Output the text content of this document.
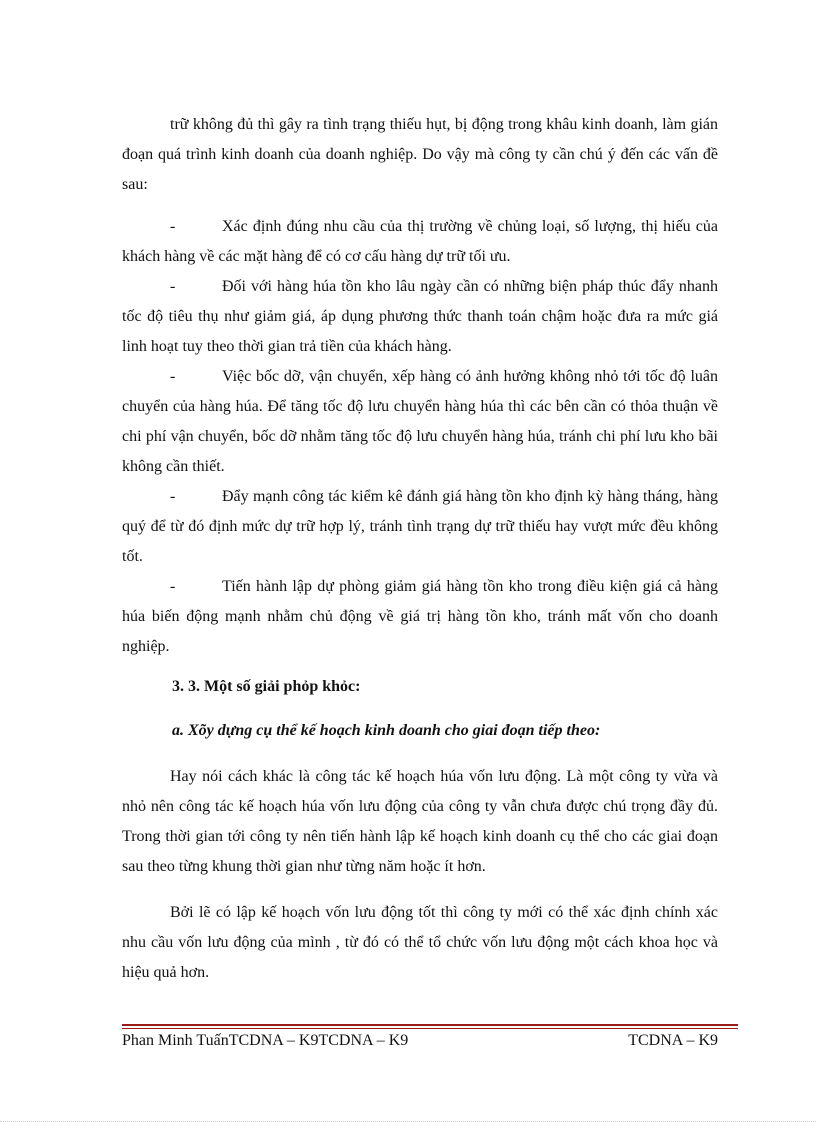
trữ không đủ thì gây ra tình trạng thiếu hụt, bị động trong khâu kinh doanh, làm gián đoạn quá trình kinh doanh của doanh nghiệp. Do vậy mà công ty cần chú ý đến các vấn đề sau:

-	Xác định đúng nhu cầu của thị trường về chủng loại, số lượng, thị hiếu của khách hàng về các mặt hàng để có cơ cấu hàng dự trữ tối ưu.

-	Đối với hàng húa tồn kho lâu ngày cần có những biện pháp thúc đẩy nhanh tốc độ tiêu thụ như giảm giá, áp dụng phương thức thanh toán chậm hoặc đưa ra mức giá linh hoạt tuy theo thời gian trả tiền của khách hàng.

-	Việc bốc dỡ, vận chuyển, xếp hàng có ảnh hưởng không nhỏ tới tốc độ luân chuyển của hàng húa. Để tăng tốc độ lưu chuyển hàng húa thì các bên cần có thỏa thuận về chi phí vận chuyển, bốc dỡ nhằm tăng tốc độ lưu chuyển hàng húa, tránh chi phí lưu kho bãi không cần thiết.

-	Đẩy mạnh công tác kiểm kê đánh giá hàng tồn kho định kỳ hàng tháng, hàng quý để từ đó định mức dự trữ hợp lý, tránh tình trạng dự trữ thiếu hay vượt mức đều không tốt.

-	Tiến hành lập dự phòng giảm giá hàng tồn kho trong điều kiện giá cả hàng húa biến động mạnh nhằm chủ động về giá trị hàng tồn kho, tránh mất vốn cho doanh nghiệp.

3. 3. Một số giải phỏp khỏc:
a. Xõy dựng cụ thể kế hoạch kinh doanh cho giai đoạn tiếp theo:

Hay nói cách khác là công tác kế hoạch húa vốn lưu động. Là một công ty vừa và nhỏ nên công tác kế hoạch húa vốn lưu động của công ty vẫn chưa được chú trọng đầy đủ. Trong thời gian tới công ty nên tiến hành lập kế hoạch kinh doanh cụ thể cho các giai đoạn sau theo từng khung thời gian như từng năm hoặc ít hơn.

Bởi lẽ có lập kế hoạch vốn lưu động tốt thì công ty mới có thể xác định chính xác nhu cầu vốn lưu động của mình , từ đó có thể tổ chức vốn lưu động một cách khoa học và hiệu quả hơn.

Phan Minh TuấnTCDNA – K9TCDNA – K9	TCDNA – K9
